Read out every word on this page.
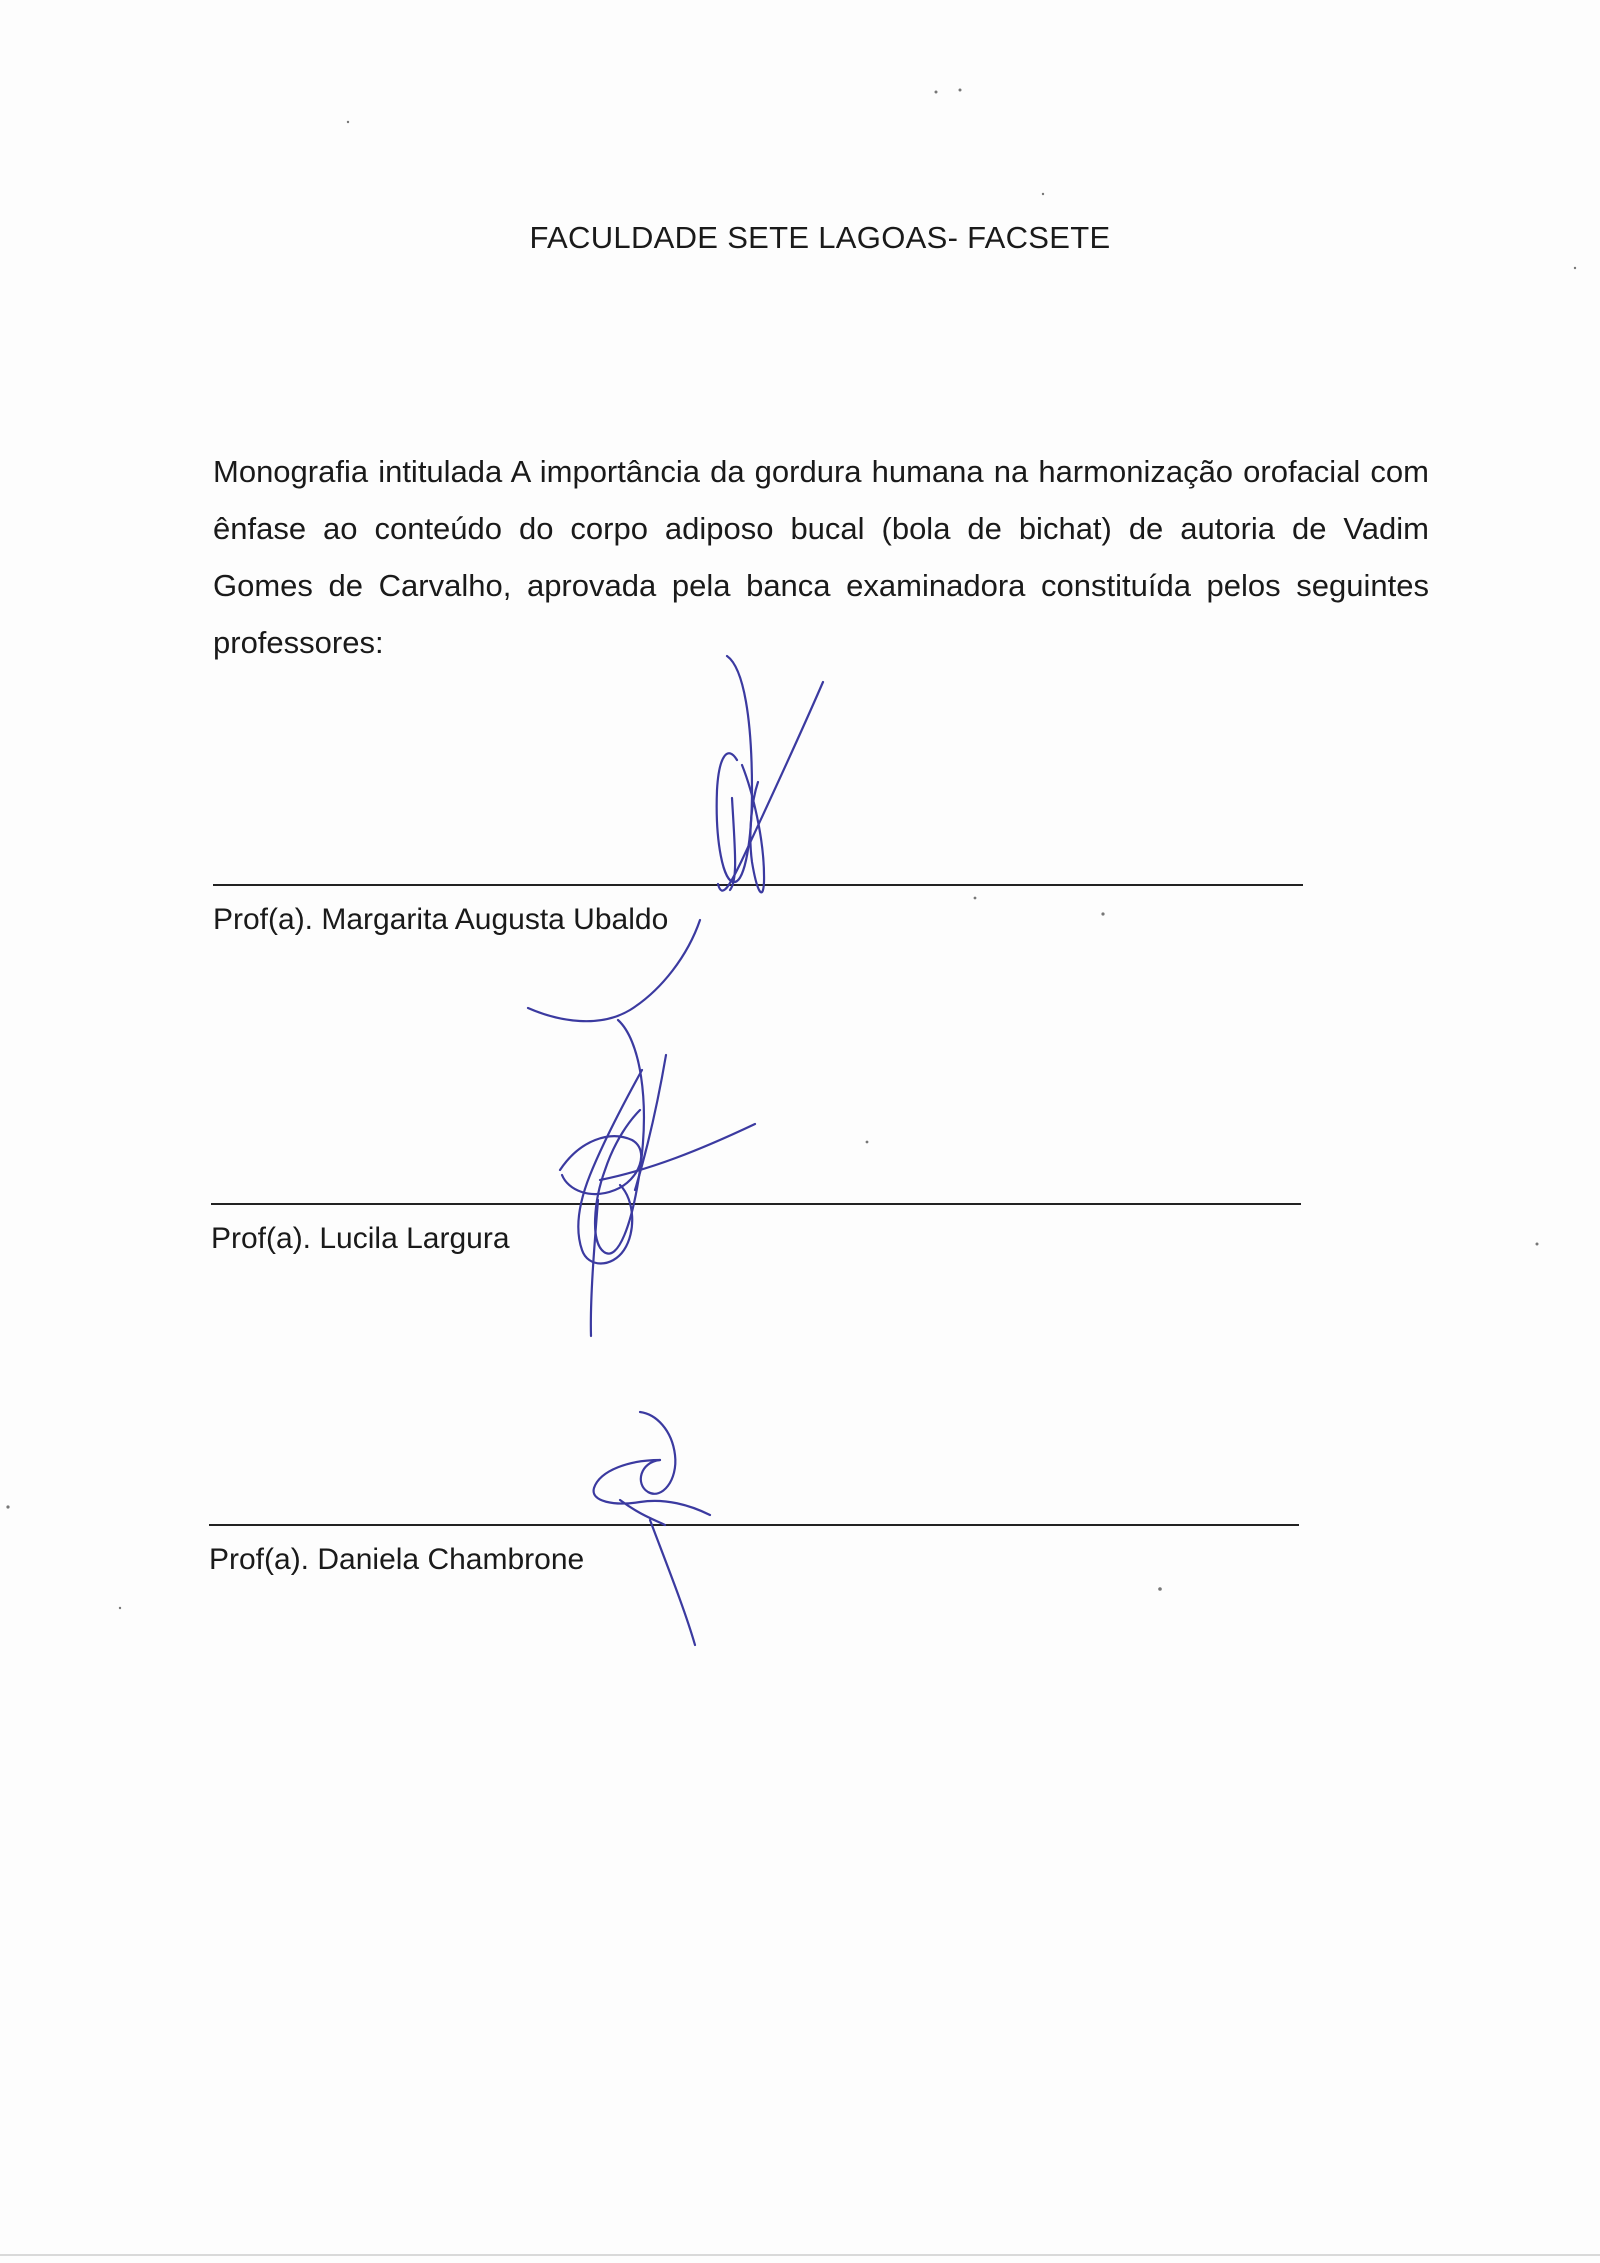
FACULDADE SETE LAGOAS- FACSETE
Monografia intitulada A importância da gordura humana na harmonização orofacial com ênfase ao conteúdo do corpo adiposo bucal (bola de bichat) de autoria de Vadim Gomes de Carvalho, aprovada pela banca examinadora constituída pelos seguintes professores:
Prof(a). Margarita Augusta Ubaldo
Prof(a). Lucila Largura
Prof(a). Daniela Chambrone
